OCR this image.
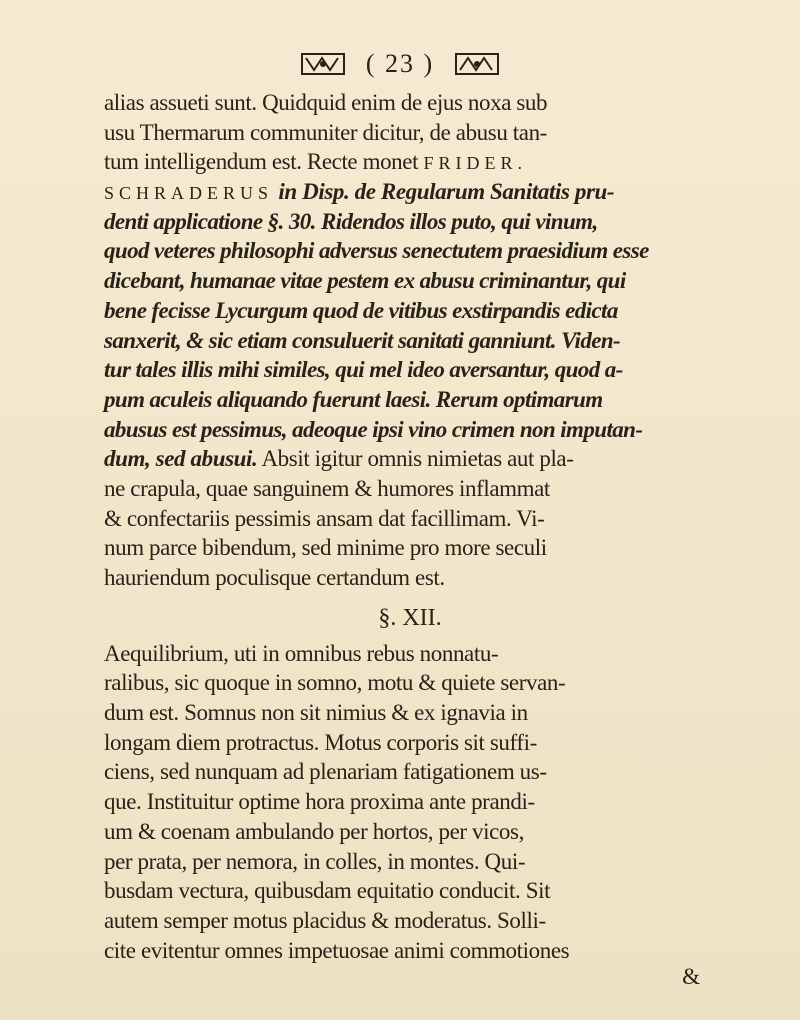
( 23 )
alias assueti sunt. Quidquid enim de ejus noxa sub
usu Thermarum communiter dicitur, de abusu tan-
tum intelligendum est. Recte monet FRIDER.
SCHRADERUS in Disp. de Regularum Sanitatis pru-
denti applicatione §. 30. Ridendos illos puto, qui vinum,
quod veteres philosophi adversus senectutem praesidium esse
dicebant, humanae vitae pestem ex abusu criminantur, qui
bene fecisse Lycurgum quod de vitibus exstirpandis edicta
sanxerit, & sic etiam consuluerit sanitati ganniunt. Viden-
tur tales illis mihi similes, qui mel ideo aversantur, quod a-
pum aculeis aliquando fuerunt laesi. Rerum optimarum
abusus est pessimus, adeoque ipsi vino crimen non imputan-
dum, sed abusui. Absit igitur omnis nimietas aut pla-
ne crapula, quae sanguinem & humores inflammat
& confectariis pessimis ansam dat facillimam. Vi-
num parce bibendum, sed minime pro more seculi
hauriendum poculisque certandum est.
§. XII.
Aequilibrium, uti in omnibus rebus nonnatu-
ralibus, sic quoque in somno, motu & quiete servan-
dum est. Somnus non sit nimius & ex ignavia in
longam diem protractus. Motus corporis sit suffi-
ciens, sed nunquam ad plenariam fatigationem us-
que. Instituitur optime hora proxima ante prandi-
um & coenam ambulando per hortos, per vicos,
per prata, per nemora, in colles, in montes. Qui-
busdam vectura, quibusdam equitatio conducit. Sit
autem semper motus placidus & moderatus. Solli-
cite evitentur omnes impetuosae animi commotiones
&
